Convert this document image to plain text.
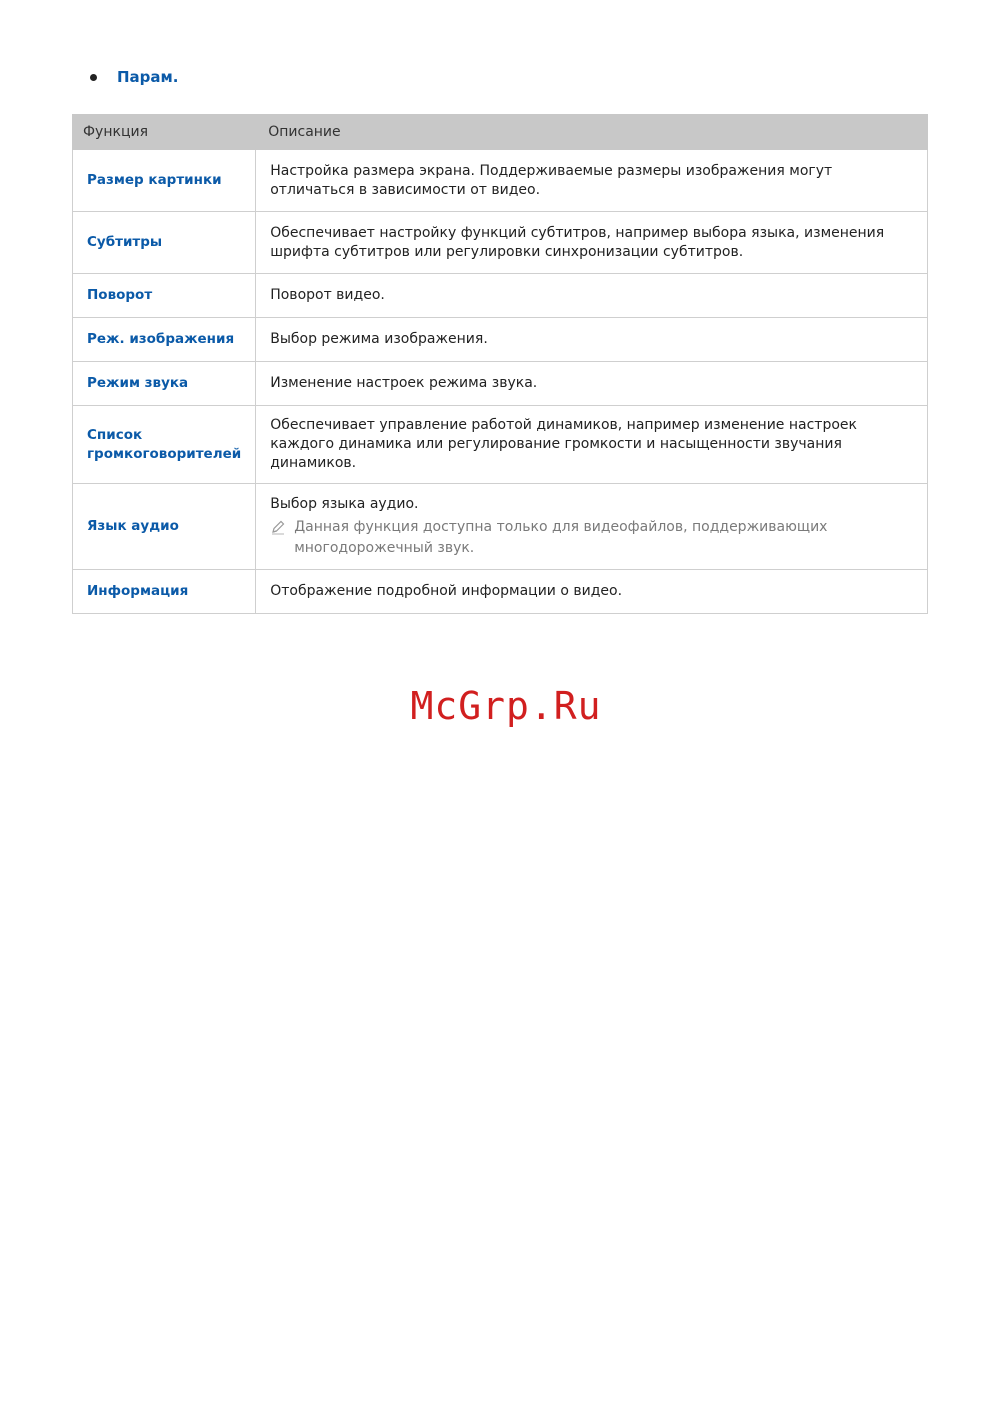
Парам.
Функция	Описание
Размер картинки	Настройка размера экрана. Поддерживаемые размеры изображения могут отличаться в зависимости от видео.
Субтитры	Обеспечивает настройку функций субтитров, например выбора языка, изменения шрифта субтитров или регулировки синхронизации субтитров.
Поворот	Поворот видео.
Реж. изображения	Выбор режима изображения.
Режим звука	Изменение настроек режима звука.
Список громкоговорителей	Обеспечивает управление работой динамиков, например изменение настроек каждого динамика или регулирование громкости и насыщенности звучания динамиков.
Язык аудио	Выбор языка аудио.
Данная функция доступна только для видеофайлов, поддерживающих многодорожечный звук.

Информация	Отображение подробной информации о видео.
McGrp.Ru
